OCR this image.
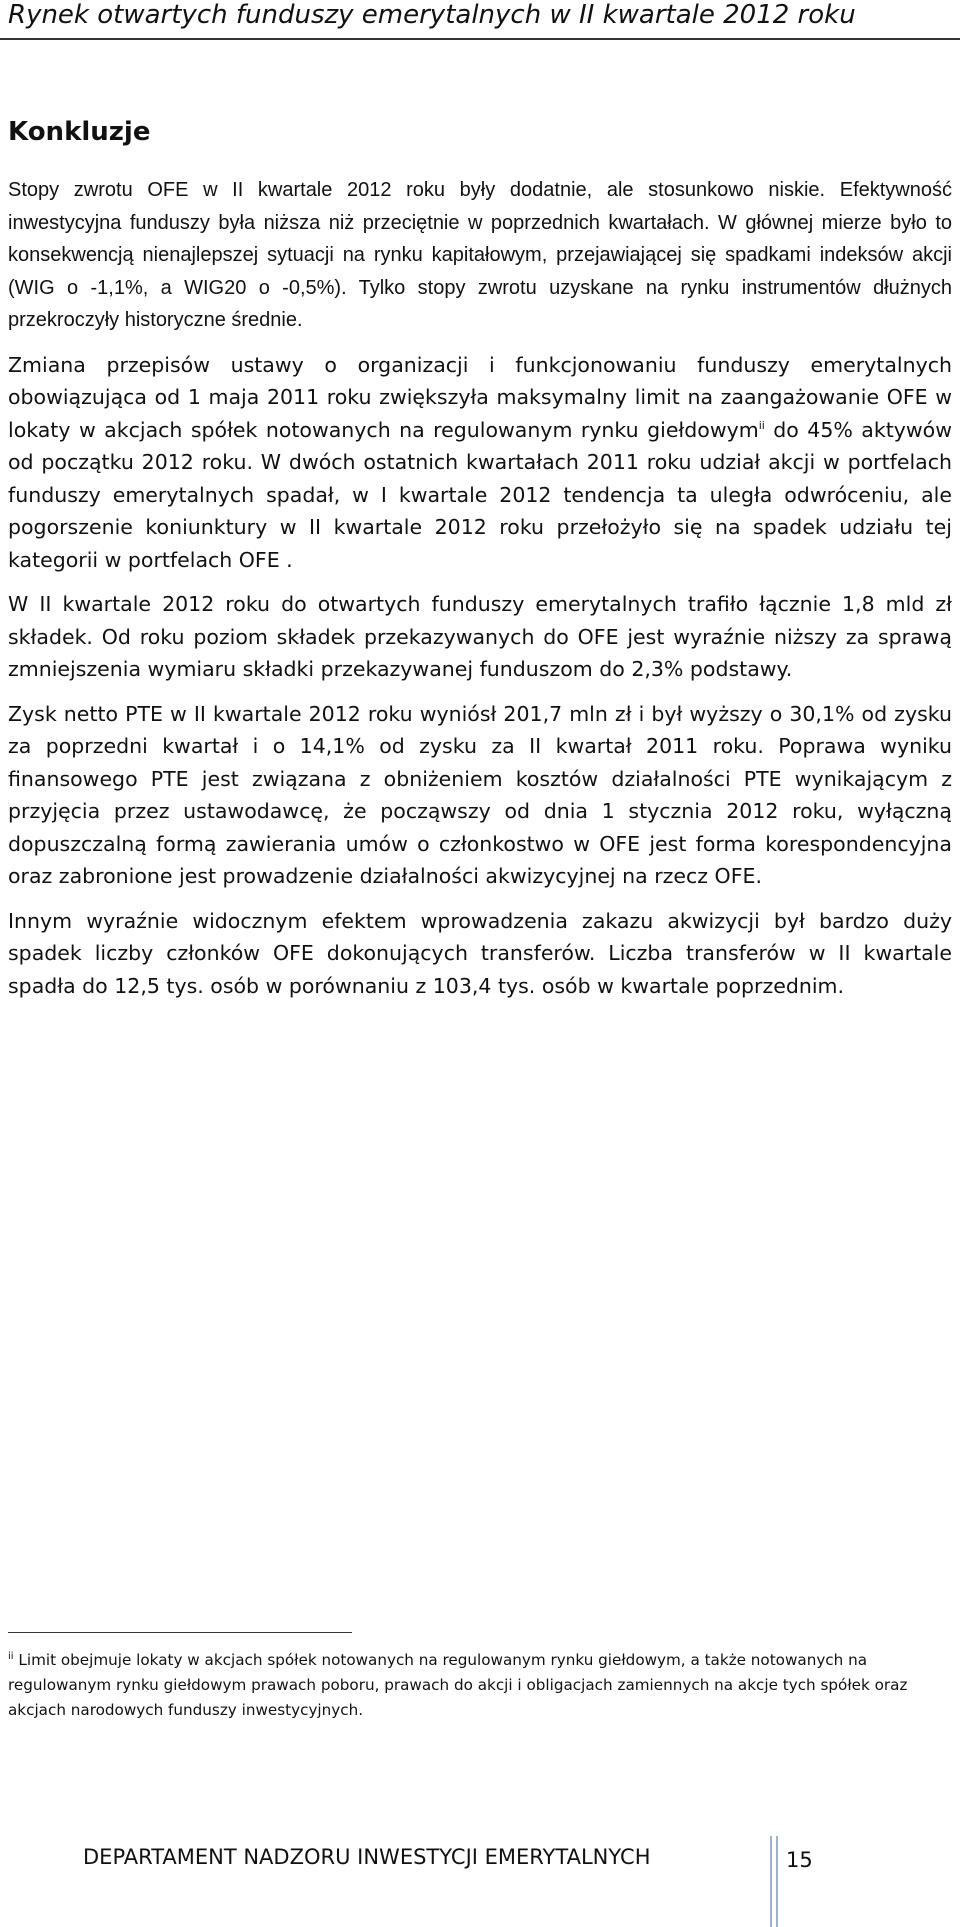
Rynek otwartych funduszy emerytalnych w II kwartale 2012 roku
Konkluzje

Stopy zwrotu OFE w II kwartale 2012 roku były dodatnie, ale stosunkowo niskie. Efektywność inwestycyjna funduszy była niższa niż przeciętnie w poprzednich kwartałach. W głównej mierze było to konsekwencją nienajlepszej sytuacji na rynku kapitałowym, przejawiającej się spadkami indeksów akcji (WIG o -1,1%, a WIG20 o -0,5%). Tylko stopy zwrotu uzyskane na rynku instrumentów dłużnych przekroczyły historyczne średnie.

Zmiana przepisów ustawy o organizacji i funkcjonowaniu funduszy emerytalnych obowiązująca od 1 maja 2011 roku zwiększyła maksymalny limit na zaangażowanie OFE w lokaty w akcjach spółek notowanych na regulowanym rynku giełdowym$^{ii}$ do 45% aktywów od początku 2012 roku. W dwóch ostatnich kwartałach 2011 roku udział akcji w portfelach funduszy emerytalnych spadał, w I kwartale 2012 tendencja ta uległa odwróceniu, ale pogorszenie koniunktury w II kwartale 2012 roku przełożyło się na spadek udziału tej kategorii w portfelach OFE .

W II kwartale 2012 roku do otwartych funduszy emerytalnych trafiło łącznie 1,8 mld zł składek. Od roku poziom składek przekazywanych do OFE jest wyraźnie niższy za sprawą zmniejszenia wymiaru składki przekazywanej funduszom do 2,3% podstawy.

Zysk netto PTE w II kwartale 2012 roku wyniósł 201,7 mln zł i był wyższy o 30,1% od zysku za poprzedni kwartał i o 14,1% od zysku za II kwartał 2011 roku. Poprawa wyniku finansowego PTE jest związana z obniżeniem kosztów działalności PTE wynikającym z przyjęcia przez ustawodawcę, że począwszy od dnia 1 stycznia 2012 roku, wyłączną dopuszczalną formą zawierania umów o członkostwo w OFE jest forma korespondencyjna oraz zabronione jest prowadzenie działalności akwizycyjnej na rzecz OFE.

Innym wyraźnie widocznym efektem wprowadzenia zakazu akwizycji był bardzo duży spadek liczby członków OFE dokonujących transferów. Liczba transferów w II kwartale spadła do 12,5 tys. osób w porównaniu z 103,4 tys. osób w kwartale poprzednim.

$^{ii}$ Limit obejmuje lokaty w akcjach spółek notowanych na regulowanym rynku giełdowym, a także notowanych na regulowanym rynku giełdowym prawach poboru, prawach do akcji i obligacjach zamiennych na akcje tych spółek oraz akcjach narodowych funduszy inwestycyjnych.
DEPARTAMENT NADZORU INWESTYCJI EMERYTALNYCH	15
